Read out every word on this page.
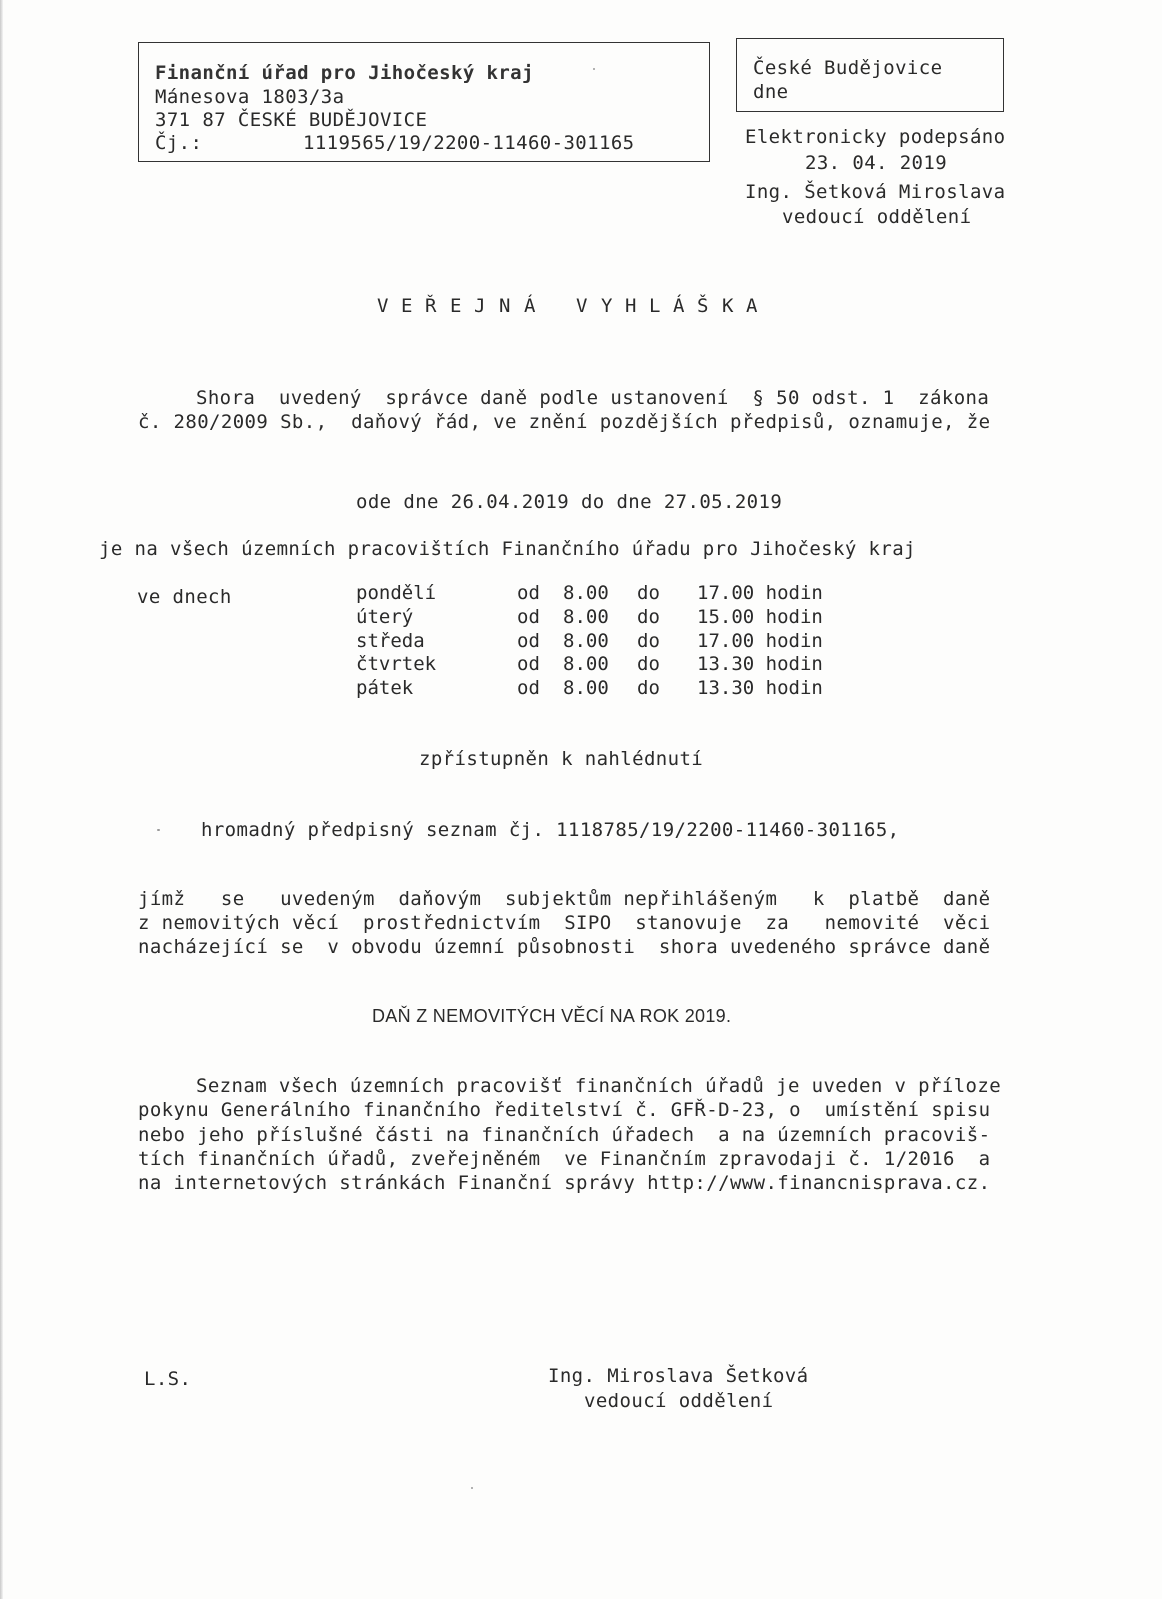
Finanční úřad pro Jihočeský kraj
Mánesova 1803/3a
371 87 ČESKÉ BUDĚJOVICE
Čj.:	1119565/19/2200-11460-301165
České Budějovice
dne
Elektronicky podepsáno
23. 04. 2019
Ing. Šetková Miroslava
vedoucí oddělení
V E Ř E J N Á V Y H L Á Š K A
Shora  uvedený  správce daně podle ustanovení  § 50 odst. 1  zákona
č. 280/2009 Sb.,  daňový řád, ve znění pozdějších předpisů, oznamuje, že
ode dne 26.04.2019 do dne 27.05.2019
je na všech územních pracovištích Finančního úřadu pro Jihočeský kraj
ve dnech	pondělí	od 8.00 do 17.00 hodin
úterý	od 8.00 do 15.00 hodin
středa	od 8.00 do 17.00 hodin
čtvrtek	od 8.00 do 13.30 hodin
pátek	od 8.00 do 13.30 hodin
zpřístupněn k nahlédnutí
hromadný předpisný seznam čj. 1118785/19/2200-11460-301165,
jímž   se   uvedeným  daňovým  subjektům nepřihlášeným   k  platbě  daně
z nemovitých věcí  prostřednictvím  SIPO  stanovuje  za   nemovité  věci
nacházející se  v obvodu územní působnosti  shora uvedeného správce daně
DAŇ Z NEMOVITÝCH VĚCÍ NA ROK 2019.
Seznam všech územních pracovišť finančních úřadů je uveden v příloze
pokynu Generálního finančního ředitelství č. GFŘ-D-23, o  umístění spisu
nebo jeho příslušné části na finančních úřadech  a na územních pracoviš-
tích finančních úřadů, zveřejněném  ve Finančním zpravodaji č. 1/2016  a
na internetových stránkách Finanční správy http://www.financnisprava.cz.
L.S.	Ing. Miroslava Šetková
vedoucí oddělení
